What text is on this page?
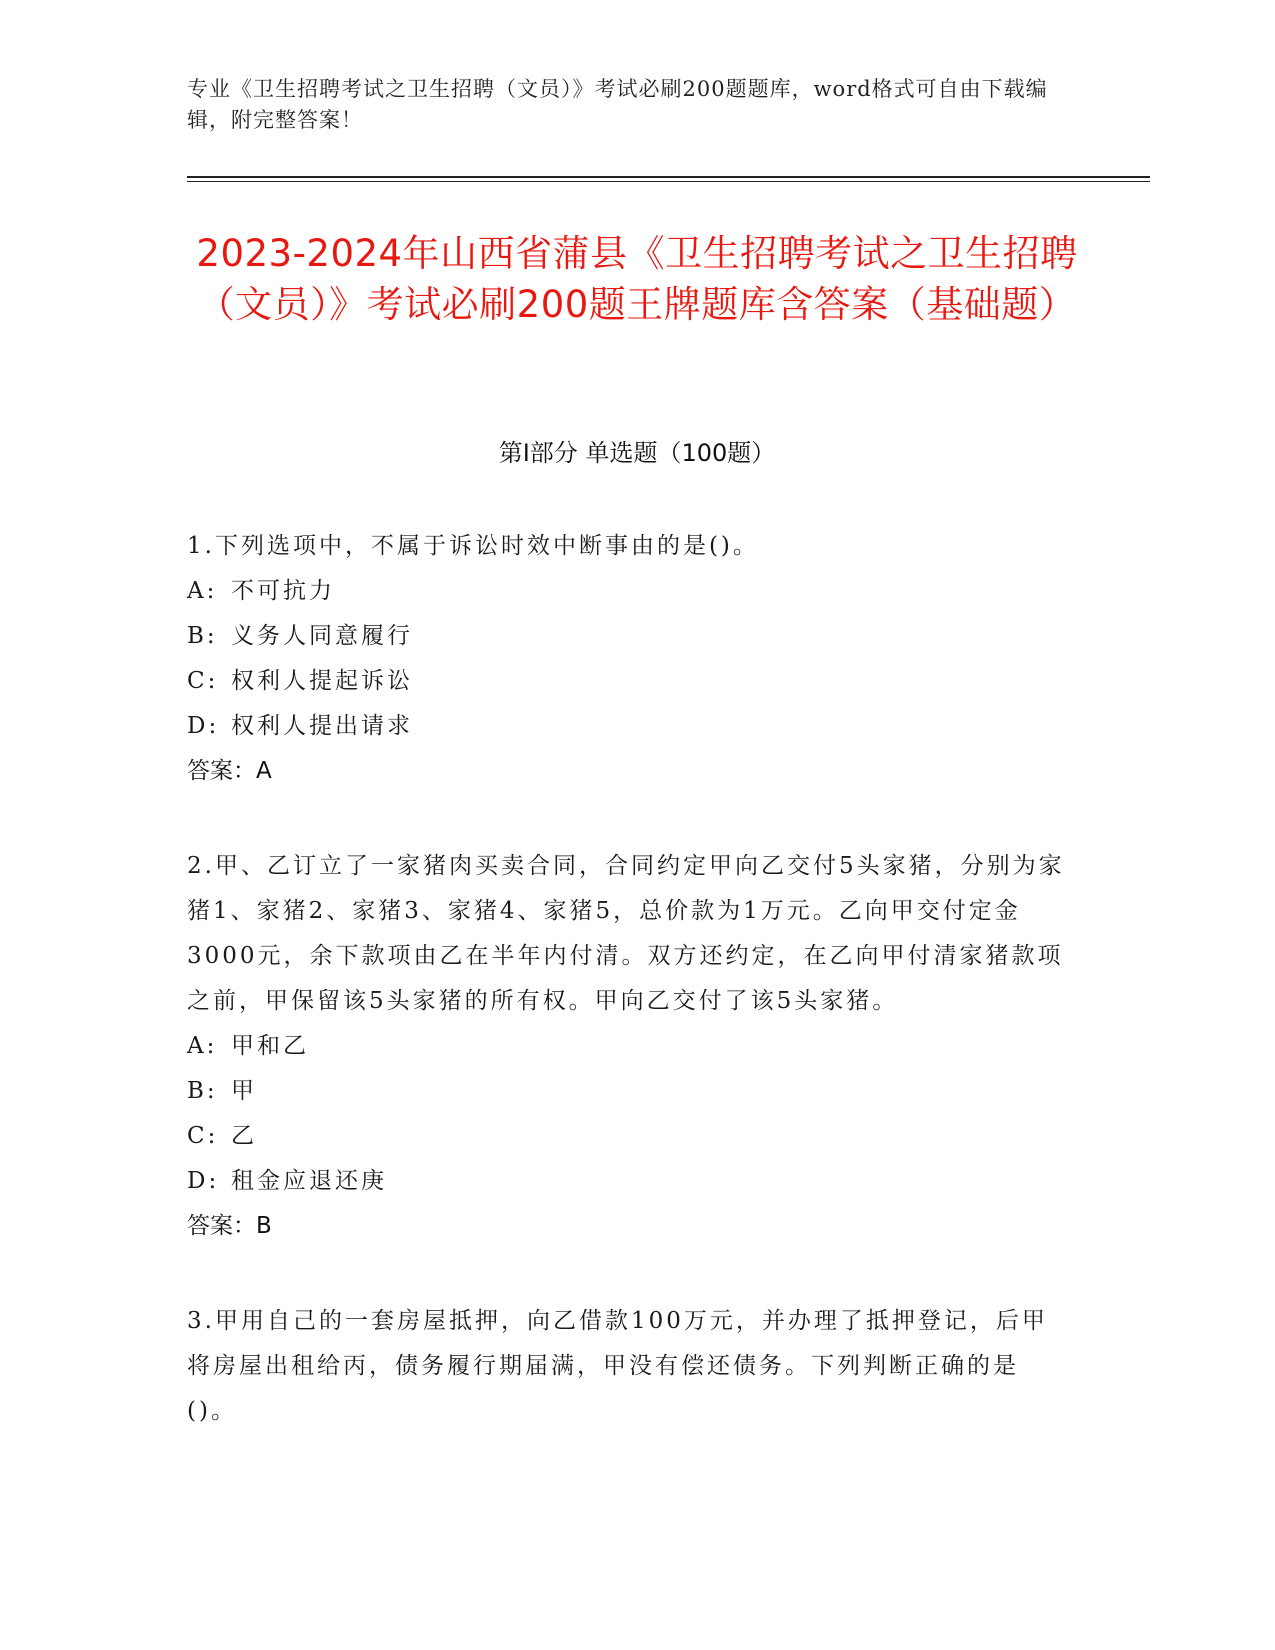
专业《卫生招聘考试之卫生招聘（文员）》考试必刷200题题库，word格式可自由下载编辑，附完整答案！
2023-2024年山西省蒲县《卫生招聘考试之卫生招聘（文员）》考试必刷200题王牌题库含答案（基础题）
第Ⅰ部分 单选题（100题）

1.下列选项中，不属于诉讼时效中断事由的是()。

A: 不可抗力

B: 义务人同意履行

C: 权利人提起诉讼

D: 权利人提出请求

答案：A

2.甲、乙订立了一家猪肉买卖合同，合同约定甲向乙交付5头家猪，分别为家猪1、家猪2、家猪3、家猪4、家猪5，总价款为1万元。乙向甲交付定金3000元，余下款项由乙在半年内付清。双方还约定，在乙向甲付清家猪款项之前，甲保留该5头家猪的所有权。甲向乙交付了该5头家猪。

A: 甲和乙

B: 甲

C: 乙

D: 租金应退还庚

答案：B

3.甲用自己的一套房屋抵押，向乙借款100万元，并办理了抵押登记，后甲将房屋出租给丙，债务履行期届满，甲没有偿还债务。下列判断正确的是()。
